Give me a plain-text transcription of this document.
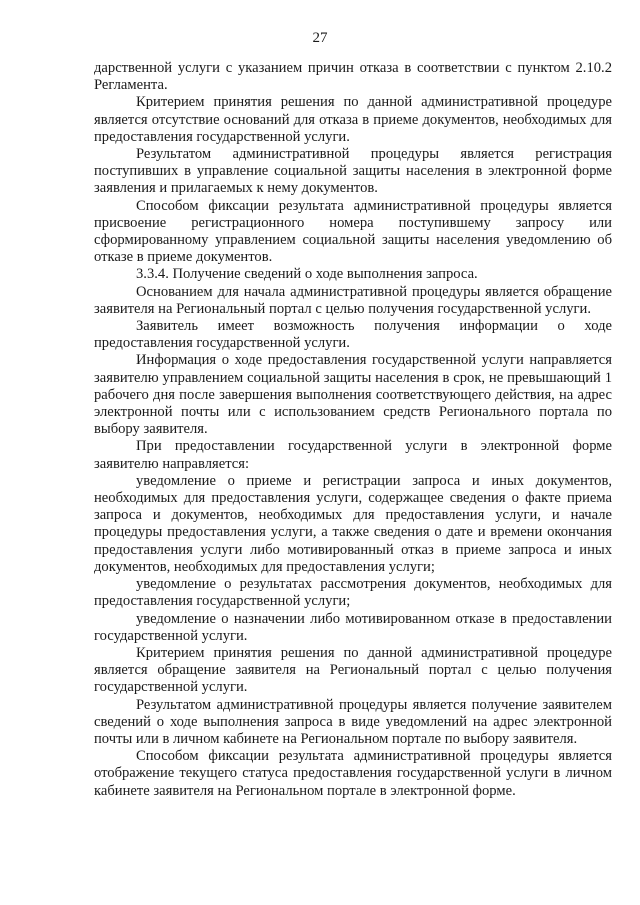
27

дарственной услуги с указанием причин отказа в соответствии с пунктом 2.10.2 Регламента.

Критерием принятия решения по данной административной процедуре является отсутствие оснований для отказа в приеме документов, необходимых для предоставления государственной услуги.

Результатом административной процедуры является регистрация поступивших в управление социальной защиты населения в электронной форме заявления и прилагаемых к нему документов.

Способом фиксации результата административной процедуры является присвоение регистрационного номера поступившему запросу или сформированному управлением социальной защиты населения уведомлению об отказе в приеме документов.

3.3.4. Получение сведений о ходе выполнения запроса.

Основанием для начала административной процедуры является обращение заявителя на Региональный портал с целью получения государственной услуги.

Заявитель имеет возможность получения информации о ходе предоставления государственной услуги.

Информация о ходе предоставления государственной услуги направляется заявителю управлением социальной защиты населения в срок, не превышающий 1 рабочего дня после завершения выполнения соответствующего действия, на адрес электронной почты или с использованием средств Регионального портала по выбору заявителя.

При предоставлении государственной услуги в электронной форме заявителю направляется:

уведомление о приеме и регистрации запроса и иных документов, необходимых для предоставления услуги, содержащее сведения о факте приема запроса и документов, необходимых для предоставления услуги, и начале процедуры предоставления услуги, а также сведения о дате и времени окончания предоставления услуги либо мотивированный отказ в приеме запроса и иных документов, необходимых для предоставления услуги;

уведомление о результатах рассмотрения документов, необходимых для предоставления государственной услуги;

уведомление о назначении либо мотивированном отказе в предоставлении государственной услуги.

Критерием принятия решения по данной административной процедуре является обращение заявителя на Региональный портал с целью получения государственной услуги.

Результатом административной процедуры является получение заявителем сведений о ходе выполнения запроса в виде уведомлений на адрес электронной почты или в личном кабинете на Региональном портале по выбору заявителя.

Способом фиксации результата административной процедуры является отображение текущего статуса предоставления государственной услуги в личном кабинете заявителя на Региональном портале в электронной форме.
